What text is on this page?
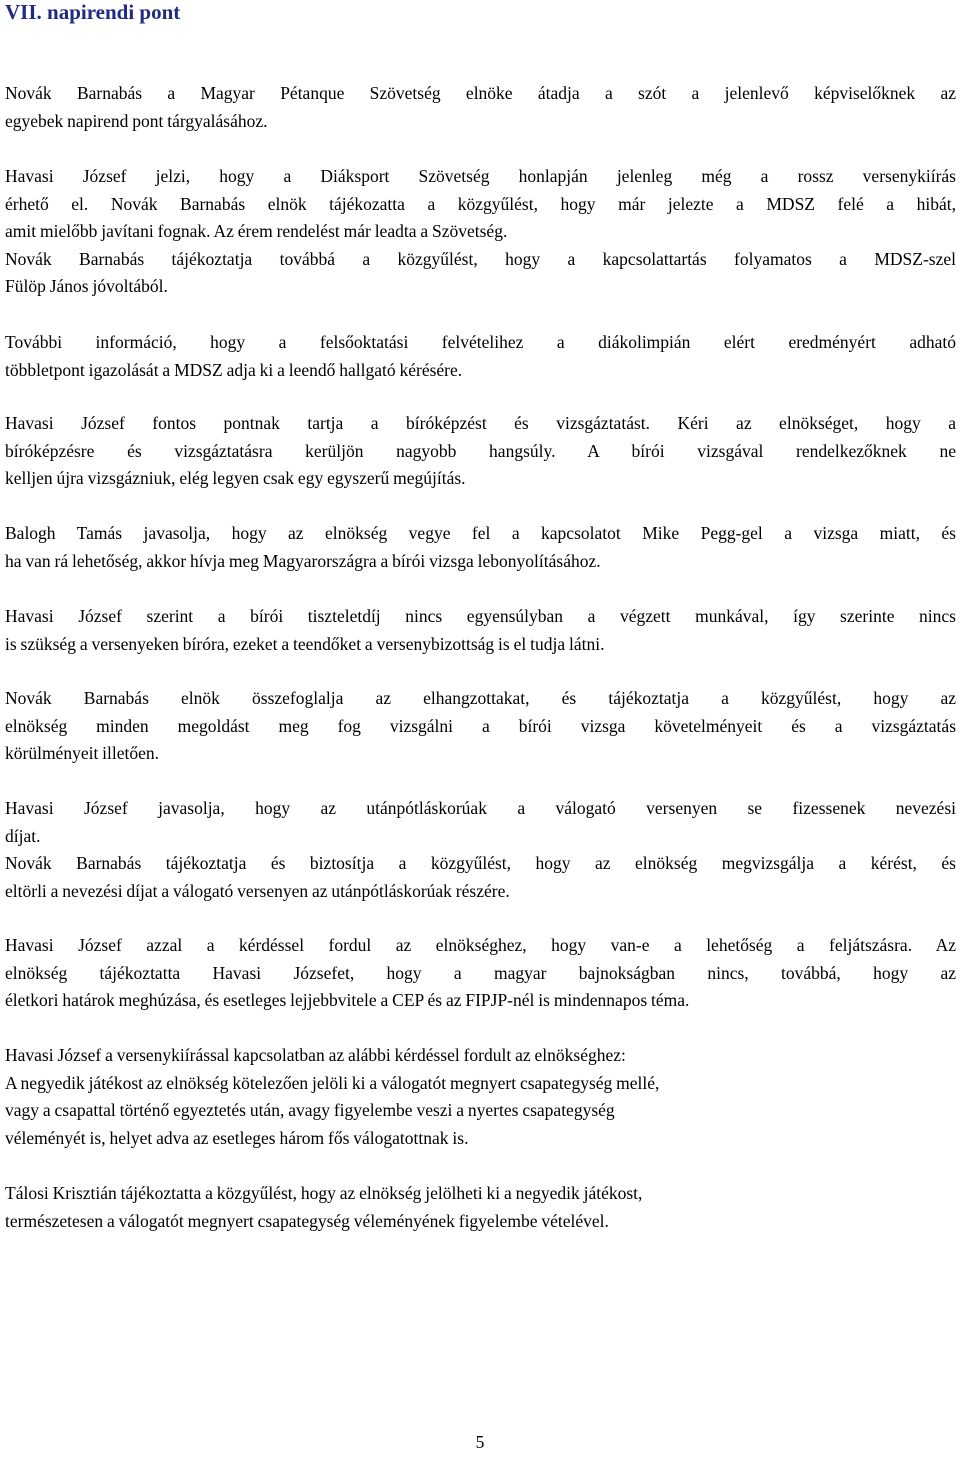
VII. napirendi pont
Novák Barnabás a Magyar Pétanque Szövetség elnöke átadja a szót a jelenlevő képviselőknek az
egyebek napirend pont tárgyalásához.
Havasi József jelzi, hogy a Diáksport Szövetség honlapján jelenleg még a rossz versenykiírás
érhető el. Novák Barnabás elnök tájékozatta a közgyűlést, hogy már jelezte a MDSZ felé a hibát,
amit mielőbb javítani fognak. Az érem rendelést már leadta a Szövetség.
Novák Barnabás tájékoztatja továbbá a közgyűlést, hogy a kapcsolattartás folyamatos a MDSZ-szel
Fülöp János jóvoltából.
További információ, hogy a felsőoktatási felvételihez a diákolimpián elért eredményért adható
többletpont igazolását a MDSZ adja ki a leendő hallgató kérésére.
Havasi József fontos pontnak tartja a bíróképzést és vizsgáztatást. Kéri az elnökséget, hogy a
bíróképzésre és vizsgáztatásra kerüljön nagyobb hangsúly. A bírói vizsgával rendelkezőknek ne
kelljen újra vizsgázniuk, elég legyen csak egy egyszerű megújítás.
Balogh Tamás javasolja, hogy az elnökség vegye fel a kapcsolatot Mike Pegg-gel a vizsga miatt, és
ha van rá lehetőség, akkor hívja meg Magyarországra a bírói vizsga lebonyolításához.
Havasi József szerint a bírói tiszteletdíj nincs egyensúlyban a végzett munkával, így szerinte nincs
is szükség a versenyeken bíróra, ezeket a teendőket a versenybizottság is el tudja látni.
Novák Barnabás elnök összefoglalja az elhangzottakat, és tájékoztatja a közgyűlést, hogy az
elnökség minden megoldást meg fog vizsgálni a bírói vizsga követelményeit és a vizsgáztatás
körülményeit illetően.
Havasi József javasolja, hogy az utánpótláskorúak a válogató versenyen se fizessenek nevezési
díjat.
Novák Barnabás tájékoztatja és biztosítja a közgyűlést, hogy az elnökség megvizsgálja a kérést, és
eltörli a nevezési díjat a válogató versenyen az utánpótláskorúak részére.
Havasi József azzal a kérdéssel fordul az elnökséghez, hogy van-e a lehetőség a feljátszásra. Az
elnökség tájékoztatta Havasi Józsefet, hogy a magyar bajnokságban nincs, továbbá, hogy az
életkori határok meghúzása, és esetleges lejjebbvitele a CEP és az FIPJP-nél is mindennapos téma.
Havasi József a versenykiírással kapcsolatban az alábbi kérdéssel fordult az elnökséghez:
A negyedik játékost az elnökség kötelezően jelöli ki a válogatót megnyert csapategység mellé,
vagy a csapattal történő egyeztetés után, avagy figyelembe veszi a nyertes csapategység
véleményét is, helyet adva az esetleges három fős válogatottnak is.
Tálosi Krisztián tájékoztatta a közgyűlést, hogy az elnökség jelölheti ki a negyedik játékost,
természetesen a válogatót megnyert csapategység véleményének figyelembe vételével.
5
